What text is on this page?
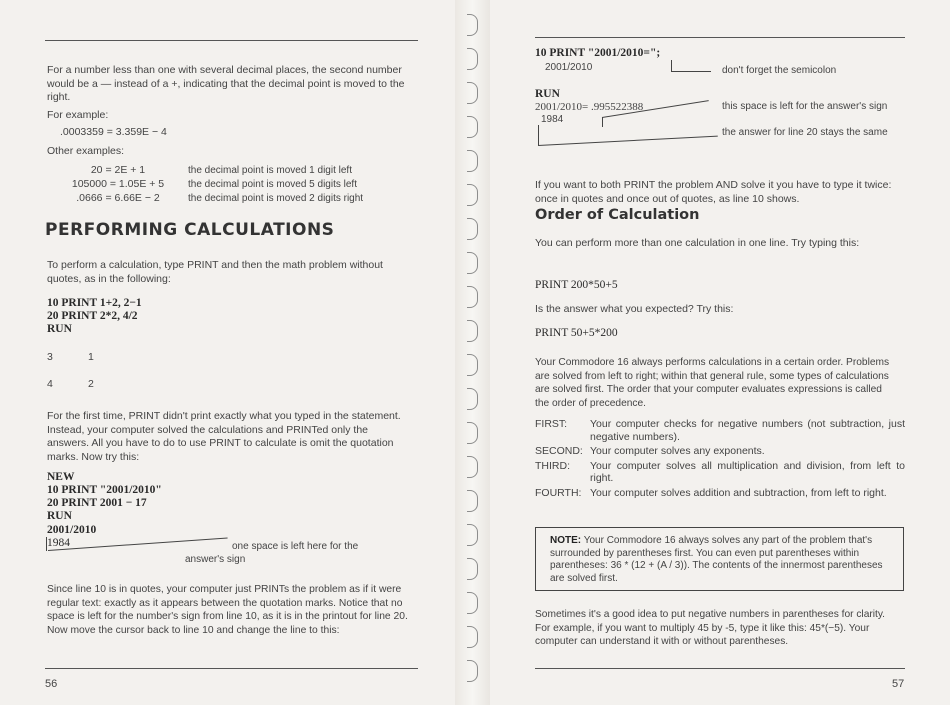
For a number less than one with several decimal places, the second number would be a — instead of a +, indicating that the decimal point is moved to the right.

For example:

.0003359 = 3.359E − 4

Other examples:

20 = 2E + 1	the decimal point is moved 1 digit left

105000 = 1.05E + 5	the decimal point is moved 5 digits left

.0666 = 6.66E − 2	the decimal point is moved 2 digits right

PERFORMING CALCULATIONS

To perform a calculation, type PRINT and then the math problem without quotes, as in the following:

10 PRINT 1+2, 2−1

20 PRINT 2*2, 4/2

RUN

3	1

4	2

For the first time, PRINT didn't print exactly what you typed in the statement. Instead, your computer solved the calculations and PRINTed only the answers. All you have to do to use PRINT to calculate is omit the quotation marks. Now try this:

NEW

10 PRINT "2001/2010"

20 PRINT 2001 − 17

RUN

2001/2010

1984	one space is left here for the answer's sign

Since line 10 is in quotes, your computer just PRINTs the problem as if it were regular text: exactly as it appears between the quotation marks. Notice that no space is left for the number's sign from line 10, as it is in the printout for line 20. Now move the cursor back to line 10 and change the line to this:

56

10 PRINT "2001/2010=";

2001/2010	don't forget the semicolon

RUN

2001/2010= .995522388

1984

this space is left for the answer's sign

the answer for line 20 stays the same

If you want to both PRINT the problem AND solve it you have to type it twice: once in quotes and once out of quotes, as line 10 shows.

Order of Calculation

You can perform more than one calculation in one line. Try typing this:

PRINT 200*50+5

Is the answer what you expected? Try this:

PRINT 50+5*200

Your Commodore 16 always performs calculations in a certain order. Problems are solved from left to right; within that general rule, some types of calculations are solved first. The order that your computer evaluates expressions is called the order of precedence.

FIRST:	Your computer checks for negative numbers (not subtraction, just negative numbers).
SECOND:	Your computer solves any exponents.
THIRD:	Your computer solves all multiplication and division, from left to right.
FOURTH:	Your computer solves addition and subtraction, from left to right.

NOTE: Your Commodore 16 always solves any part of the problem that's surrounded by parentheses first. You can even put parentheses within parentheses: 36 * (12 + (A / 3)). The contents of the innermost parentheses are solved first.

Sometimes it's a good idea to put negative numbers in parentheses for clarity. For example, if you want to multiply 45 by -5, type it like this: 45*(−5). Your computer can understand it with or without parentheses.

57
